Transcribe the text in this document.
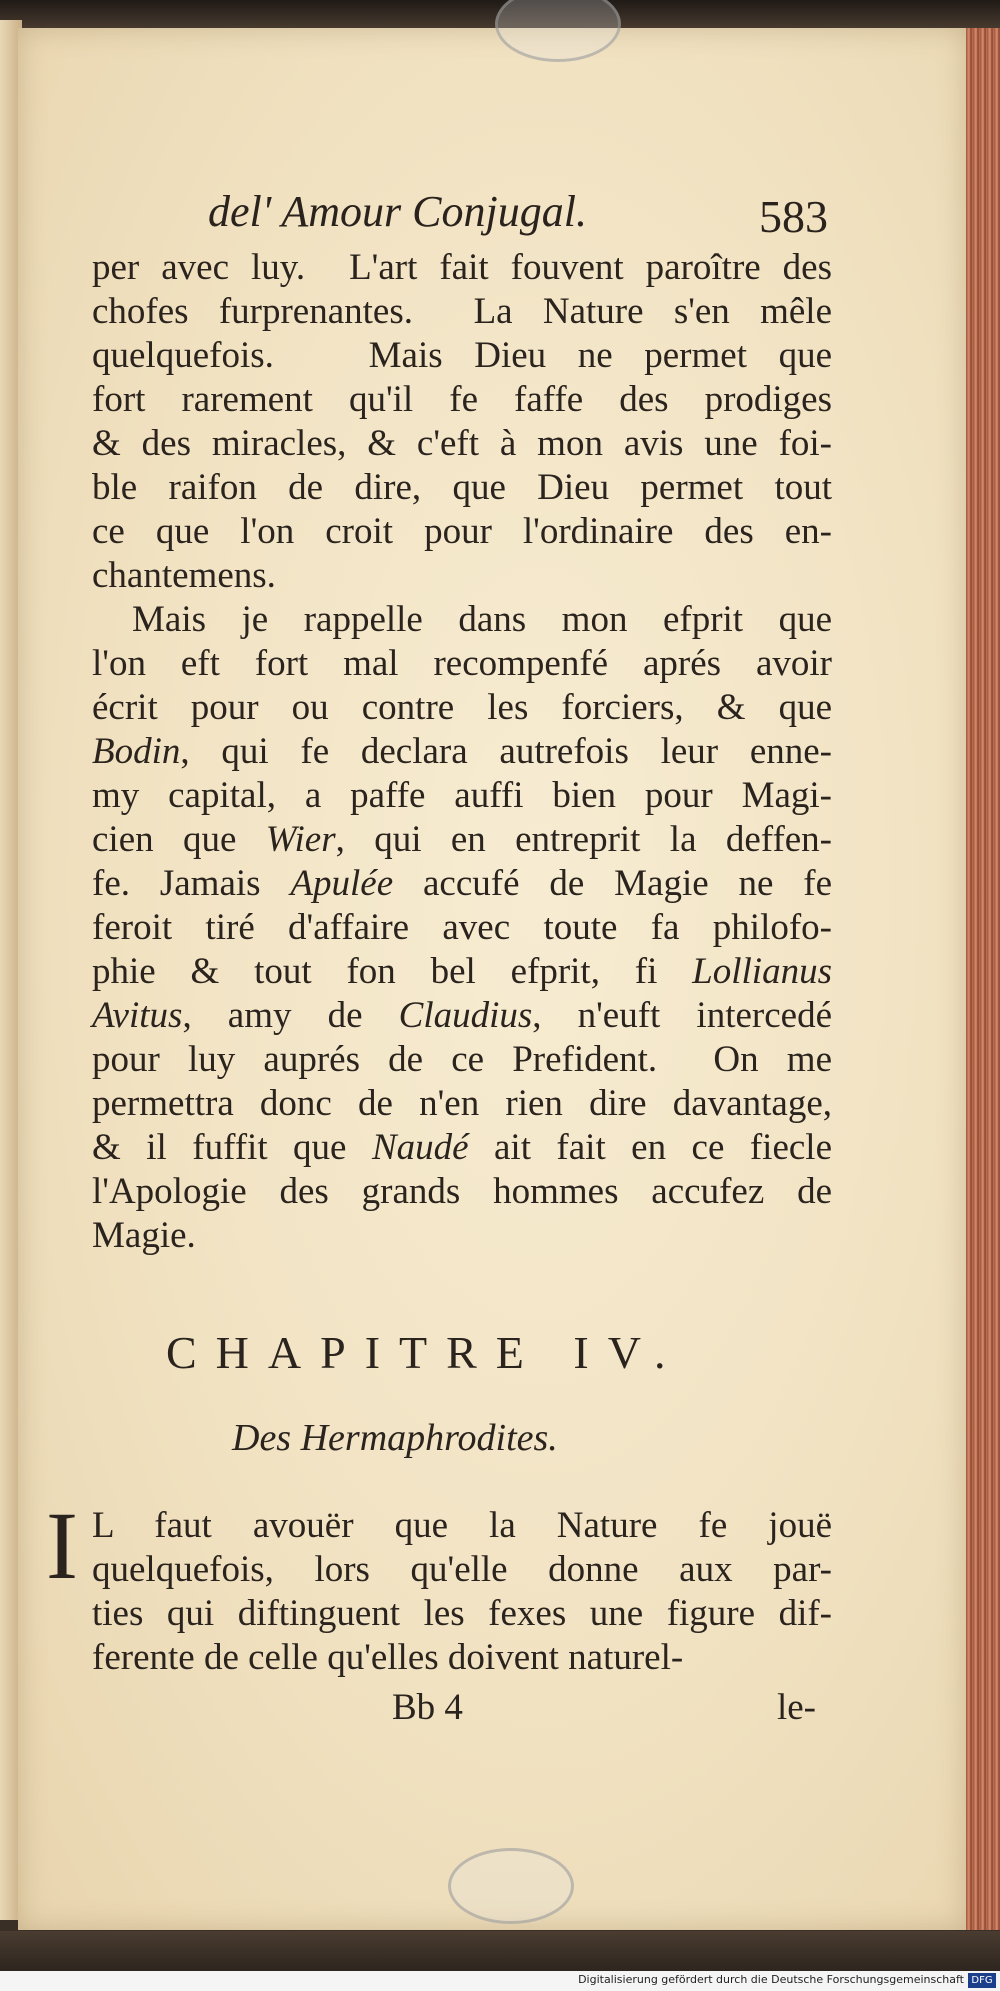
del' Amour Conjugal.	583
per avec luy.  L'art fait fouvent paroître des
chofes furprenantes.  La Nature s'en mêle
quelquefois.   Mais Dieu ne permet que
fort rarement qu'il fe faffe des prodiges
& des miracles, & c'eft à mon avis une foi-
ble raifon de dire, que Dieu permet tout
ce que l'on croit pour l'ordinaire des en-
chantemens.
Mais je rappelle dans mon efprit que
l'on eft fort mal recompenfé aprés avoir
écrit pour ou contre les forciers, & que
Bodin, qui fe declara autrefois leur enne-
my capital, a paffe auffi bien pour Magi-
cien que Wier, qui en entreprit la deffen-
fe. Jamais Apulée accufé de Magie ne fe
feroit tiré d'affaire avec toute fa philofo-
phie & tout fon bel efprit, fi Lollianus
Avitus, amy de Claudius, n'euft intercedé
pour luy auprés de ce Prefident.  On me
permettra donc de n'en rien dire davantage,
& il fuffit que Naudé ait fait en ce fiecle
l'Apologie des grands hommes accufez de
Magie.
CHAPITRE IV.
Des Hermaphrodites.
I L faut avouër que la Nature fe jouë
quelquefois, lors qu'elle donne aux par-
ties qui diftinguent les fexes une figure dif-
ferente de celle qu'elles doivent naturel-
Bb 4	le-
Digitalisierung gefördert durch die Deutsche Forschungsgemeinschaft DFG
